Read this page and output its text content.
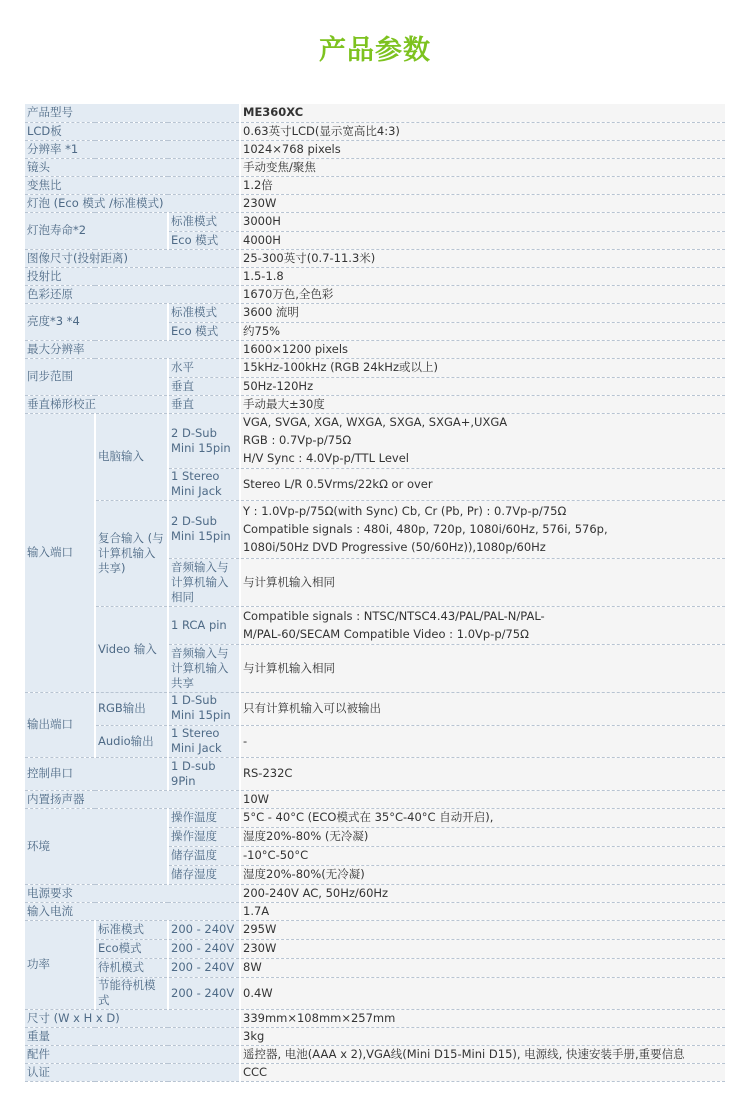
产品参数
产品型号			ME360XC
LCD板			0.63英寸LCD(显示宽高比4:3)
分辨率 *1			1024×768 pixels
镜头			手动变焦/聚焦
变焦比			1.2倍
灯泡 (Eco 模式 /标准模式)			230W
灯泡寿命*2		标准模式	3000H
		Eco 模式	4000H
图像尺寸(投射距离)			25-300英寸(0.7-11.3米)
投射比			1.5-1.8
色彩还原			1670万色,全色彩
亮度*3 *4		标准模式	3600 流明
		Eco 模式	约75%
最大分辨率			1600×1200 pixels
同步范围		水平	15kHz-100kHz (RGB 24kHz或以上)
		垂直	50Hz-120Hz
垂直梯形校正		垂直	手动最大±30度
输入端口	电脑输入	2 D-Sub Mini 15pin	VGA, SVGA, XGA, WXGA, SXGA, SXGA+,UXGA
RGB : 0.7Vp-p/75Ω
H/V Sync : 4.0Vp-p/TTL Level

		1 Stereo Mini Jack	Stereo L/R 0.5Vrms/22kΩ or over
	复合输入 (与计算机输入共享)	2 D-Sub Mini 15pin	Y : 1.0Vp-p/75Ω(with Sync) Cb, Cr (Pb, Pr) : 0.7Vp-p/75Ω
Compatible signals : 480i, 480p, 720p, 1080i/60Hz, 576i, 576p,
1080i/50Hz DVD Progressive (50/60Hz)),1080p/60Hz

		音频输入与计算机输入相同	与计算机输入相同
	Video 输入	1 RCA pin	Compatible signals : NTSC/NTSC4.43/PAL/PAL-N/PAL-
M/PAL-60/SECAM Compatible Video : 1.0Vp-p/75Ω

		音频输入与计算机输入共享	与计算机输入相同

输出端口	RGB输出	1 D-Sub Mini 15pin	只有计算机输入可以被输出
	Audio输出	1 Stereo Mini Jack	-
控制串口		1 D-sub 9Pin	RS-232C
内置扬声器			10W
环境		操作温度	5°C - 40°C (ECO模式在 35°C-40°C 自动开启),
		操作湿度	湿度20%-80% (无冷凝)
		储存温度	-10°C-50°C
		储存湿度	湿度20%-80%(无冷凝)
电源要求			200-240V AC, 50Hz/60Hz
输入电流			1.7A
功率	标准模式	200 - 240V	295W
	Eco模式	200 - 240V	230W
	待机模式	200 - 240V	8W
	节能待机模式	200 - 240V	0.4W
尺寸 (W x H x D)			339mm×108mm×257mm
重量			3kg
配件			遥控器, 电池(AAA x 2),VGA线(Mini D15-Mini D15), 电源线, 快速安装手册,重要信息
认证			CCC
